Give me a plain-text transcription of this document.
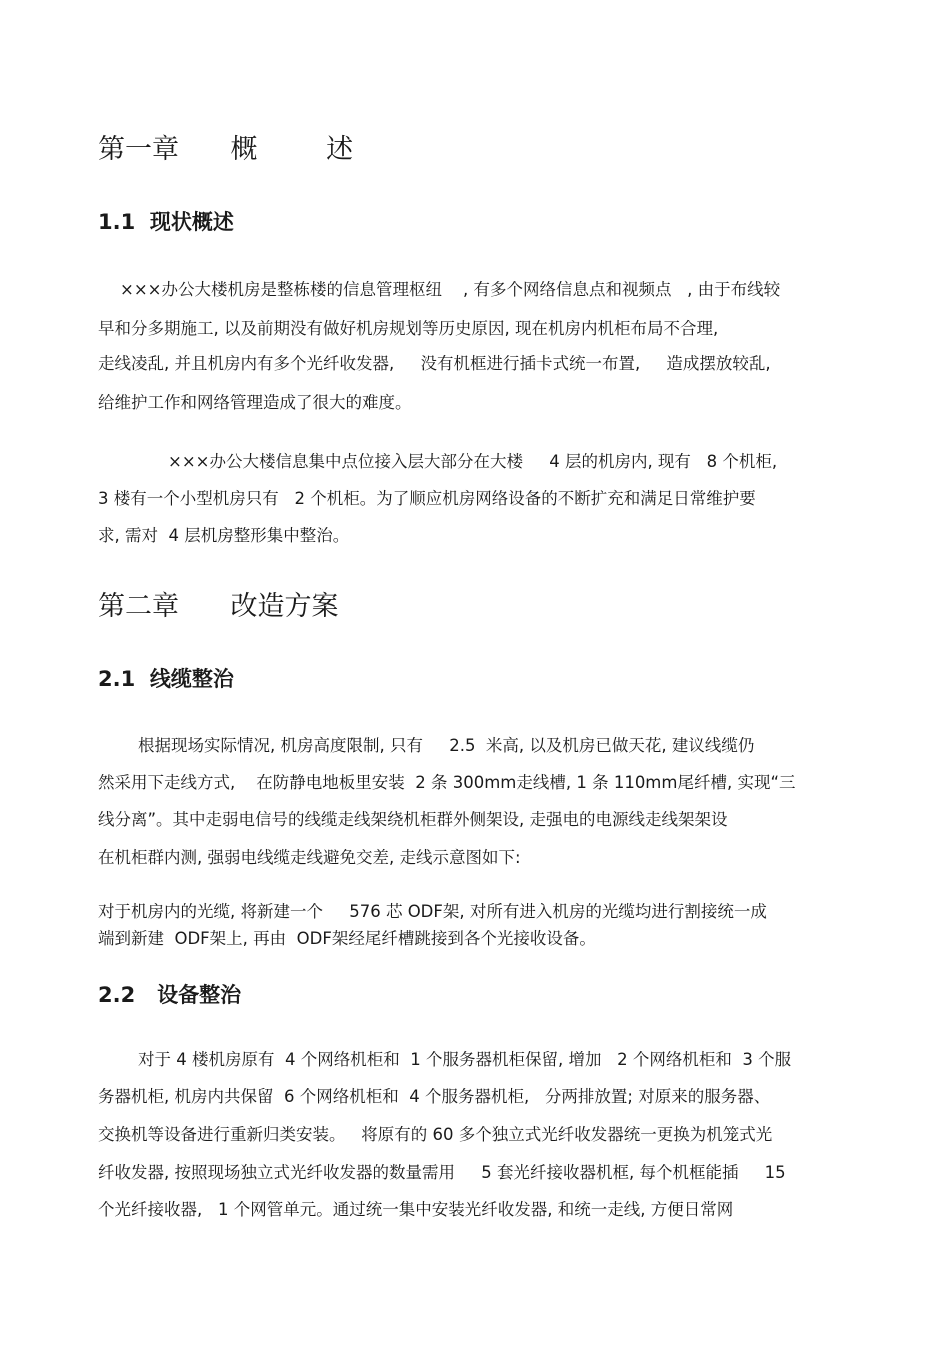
第一章      概        述
1.1  现状概述

×××办公大楼机房是整栋楼的信息管理枢纽    , 有多个网络信息点和视频点   , 由于布线较

早和分多期施工, 以及前期没有做好机房规划等历史原因, 现在机房内机柜布局不合理,

走线凌乱, 并且机房内有多个光纤收发器,     没有机框进行插卡式统一布置,     造成摆放较乱,

给维护工作和网络管理造成了很大的难度。

×××办公大楼信息集中点位接入层大部分在大楼     4 层的机房内, 现有   8 个机柜,

3 楼有一个小型机房只有   2 个机柜。为了顺应机房网络设备的不断扩充和满足日常维护要

求, 需对  4 层机房整形集中整治。

第二章      改造方案
2.1  线缆整治

根据现场实际情况, 机房高度限制, 只有     2.5  米高, 以及机房已做天花, 建议线缆仍

然采用下走线方式,    在防静电地板里安装  2 条 300mm走线槽, 1 条 110mm尾纤槽, 实现“三

线分离”。其中走弱电信号的线缆走线架绕机柜群外侧架设, 走强电的电源线走线架架设

在机柜群内测, 强弱电线缆走线避免交差, 走线示意图如下:

对于机房内的光缆, 将新建一个     576 芯 ODF架, 对所有进入机房的光缆均进行割接统一成

端到新建  ODF架上, 再由  ODF架经尾纤槽跳接到各个光接收设备。

2.2   设备整治

对于 4 楼机房原有  4 个网络机柜和  1 个服务器机柜保留, 增加   2 个网络机柜和  3 个服

务器机柜, 机房内共保留  6 个网络机柜和  4 个服务器机柜,   分两排放置; 对原来的服务器、

交换机等设备进行重新归类安装。   将原有的 60 多个独立式光纤收发器统一更换为机笼式光

纤收发器, 按照现场独立式光纤收发器的数量需用     5 套光纤接收器机框, 每个机框能插     15

个光纤接收器,   1 个网管单元。通过统一集中安装光纤收发器, 和统一走线, 方便日常网
